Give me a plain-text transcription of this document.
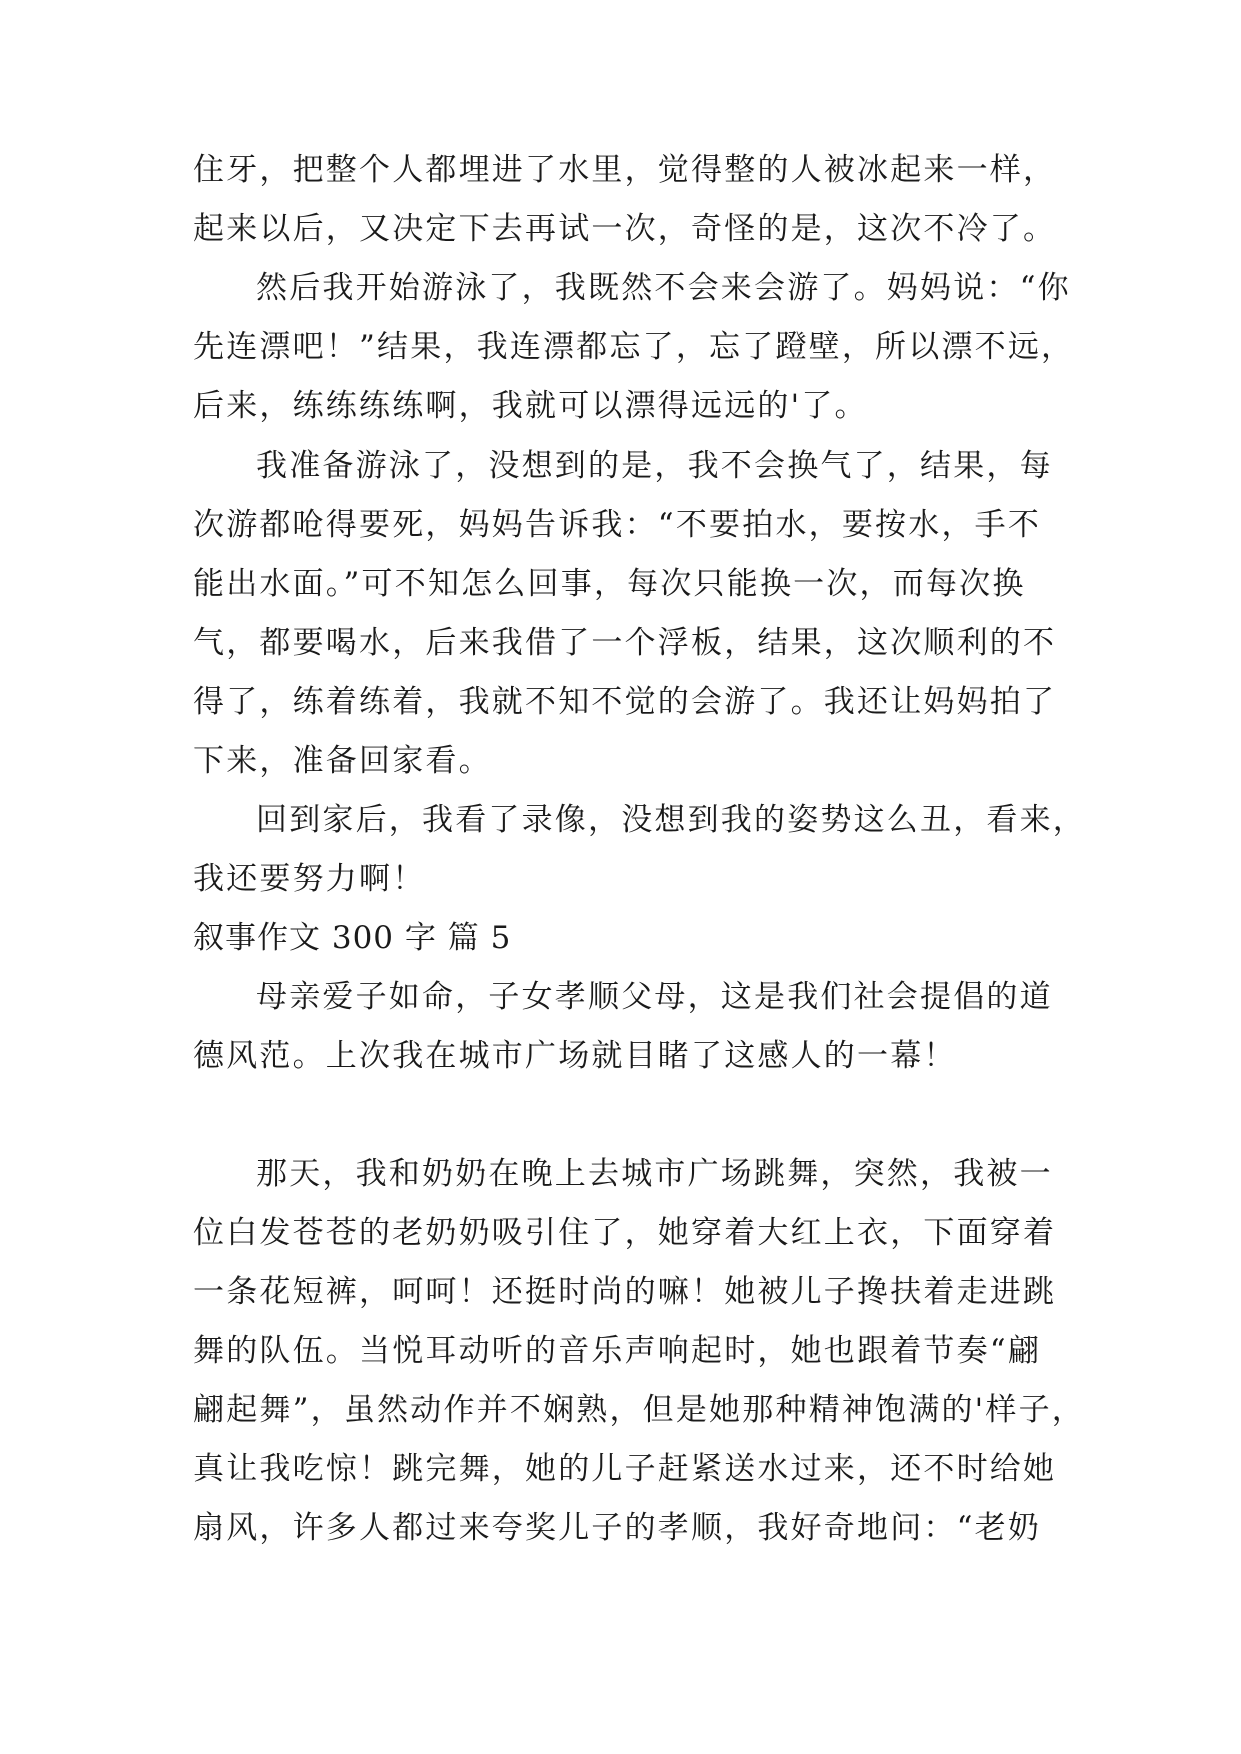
住牙，把整个人都埋进了水里，觉得整的人被冰起来一样，
起来以后，又决定下去再试一次，奇怪的是，这次不冷了。
然后我开始游泳了，我既然不会来会游了。妈妈说：“你
先连漂吧！”结果，我连漂都忘了，忘了蹬壁，所以漂不远，
后来，练练练练啊，我就可以漂得远远的'了。
我准备游泳了，没想到的是，我不会换气了，结果，每
次游都呛得要死，妈妈告诉我：“不要拍水，要按水，手不
能出水面。”可不知怎么回事，每次只能换一次，而每次换
气，都要喝水，后来我借了一个浮板，结果，这次顺利的不
得了，练着练着，我就不知不觉的会游了。我还让妈妈拍了
下来，准备回家看。
回到家后，我看了录像，没想到我的姿势这么丑，看来，
我还要努力啊！
叙事作文 300 字 篇 5
母亲爱子如命，子女孝顺父母，这是我们社会提倡的道
德风范。上次我在城市广场就目睹了这感人的一幕！
那天，我和奶奶在晚上去城市广场跳舞，突然，我被一
位白发苍苍的老奶奶吸引住了，她穿着大红上衣，下面穿着
一条花短裤，呵呵！还挺时尚的嘛！她被儿子搀扶着走进跳
舞的队伍。当悦耳动听的音乐声响起时，她也跟着节奏“翩
翩起舞”，虽然动作并不娴熟，但是她那种精神饱满的'样子，
真让我吃惊！跳完舞，她的儿子赶紧送水过来，还不时给她
扇风，许多人都过来夸奖儿子的孝顺，我好奇地问：“老奶
